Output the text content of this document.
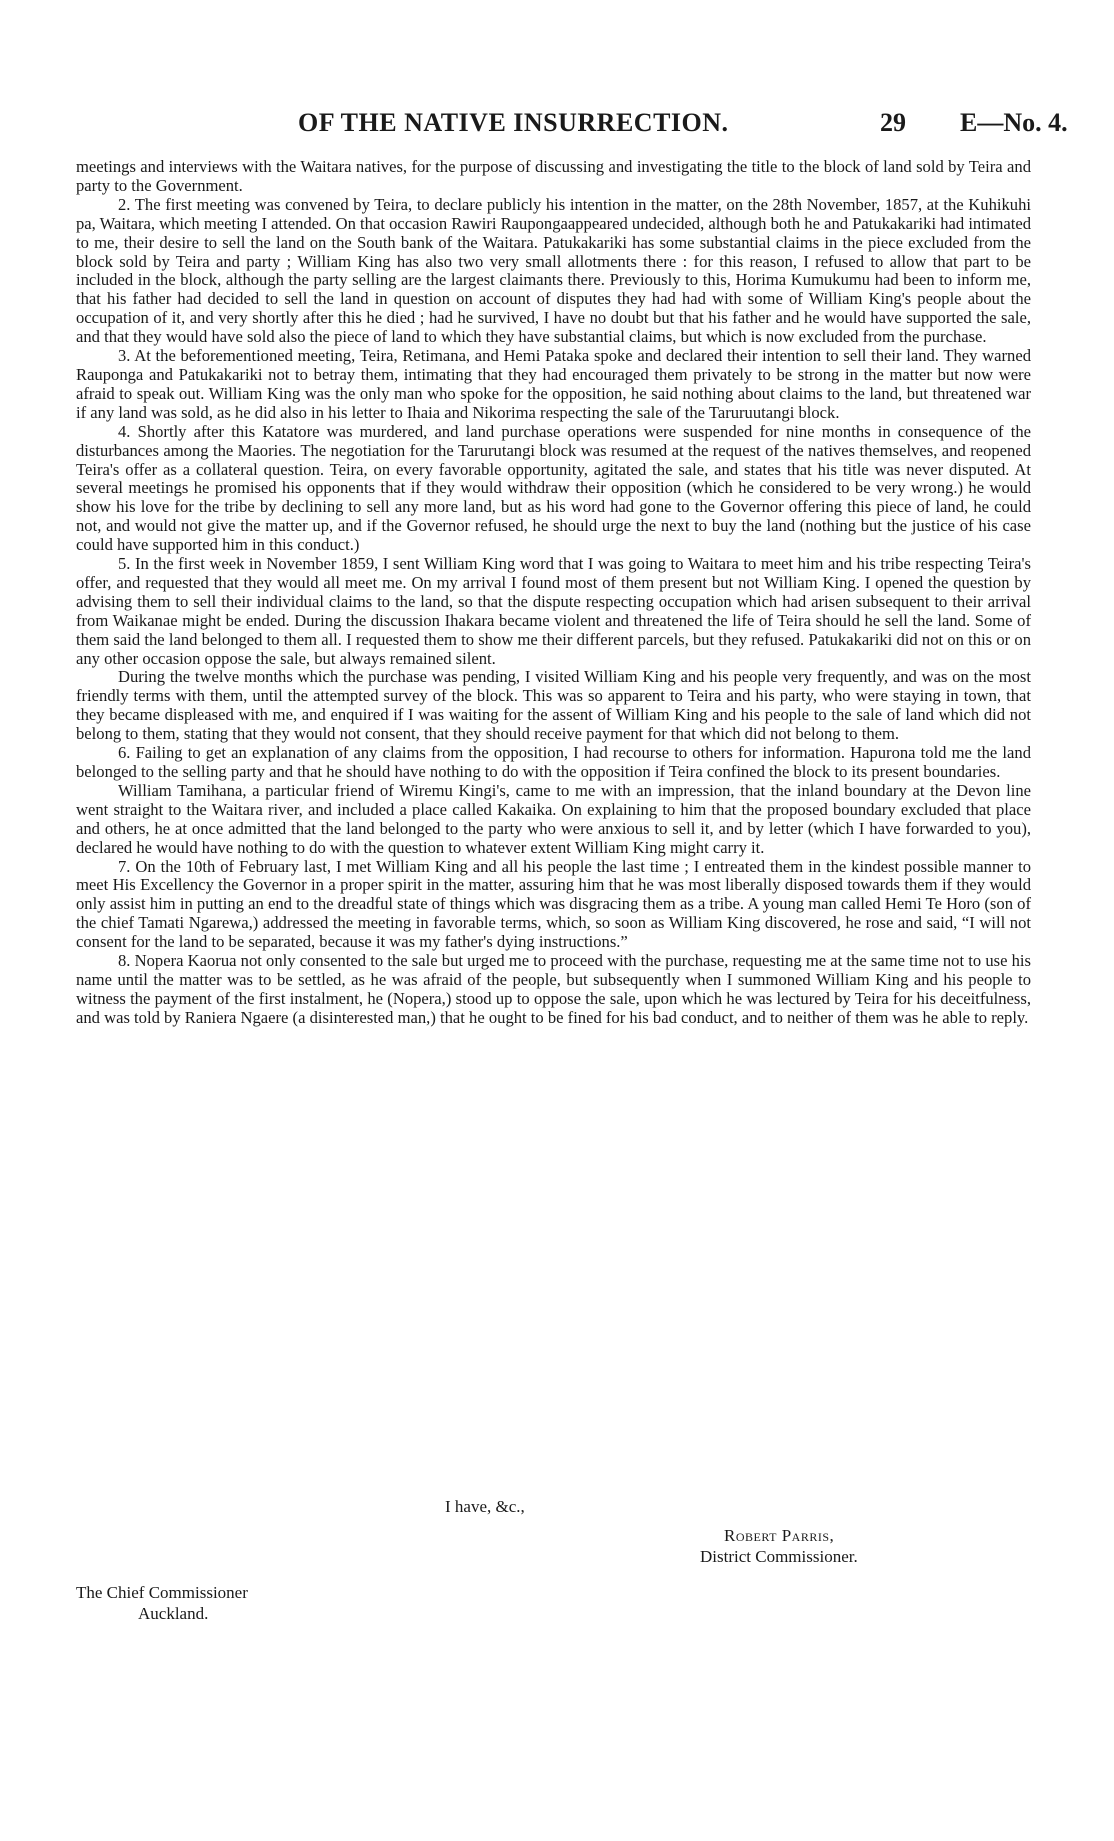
OF THE NATIVE INSURRECTION.	29 E—No. 4.

meetings and interviews with the Waitara natives, for the purpose of discussing and investigating the title to the block of land sold by Teira and party to the Government.

2. The first meeting was convened by Teira, to declare publicly his intention in the matter, on the 28th November, 1857, at the Kuhikuhi pa, Waitara, which meeting I attended. On that occasion Rawiri Raupongaappeared undecided, although both he and Patukakariki had intimated to me, their desire to sell the land on the South bank of the Waitara. Patukakariki has some substantial claims in the piece excluded from the block sold by Teira and party ; William King has also two very small allotments there : for this reason, I refused to allow that part to be included in the block, although the party selling are the largest claimants there. Previously to this, Horima Kumukumu had been to inform me, that his father had decided to sell the land in question on account of disputes they had had with some of William King's people about the occupation of it, and very shortly after this he died ; had he survived, I have no doubt but that his father and he would have supported the sale, and that they would have sold also the piece of land to which they have substantial claims, but which is now excluded from the purchase.

3. At the beforementioned meeting, Teira, Retimana, and Hemi Pataka spoke and declared their intention to sell their land. They warned Rauponga and Patukakariki not to betray them, intimating that they had encouraged them privately to be strong in the matter but now were afraid to speak out. William King was the only man who spoke for the opposition, he said nothing about claims to the land, but threatened war if any land was sold, as he did also in his letter to Ihaia and Nikorima respecting the sale of the Taruruutangi block.

4. Shortly after this Katatore was murdered, and land purchase operations were suspended for nine months in consequence of the disturbances among the Maories. The negotiation for the Tarurutangi block was resumed at the request of the natives themselves, and reopened Teira's offer as a collateral question. Teira, on every favorable opportunity, agitated the sale, and states that his title was never disputed. At several meetings he promised his opponents that if they would withdraw their opposition (which he considered to be very wrong.) he would show his love for the tribe by declining to sell any more land, but as his word had gone to the Governor offering this piece of land, he could not, and would not give the matter up, and if the Governor refused, he should urge the next to buy the land (nothing but the justice of his case could have supported him in this conduct.)

5. In the first week in November 1859, I sent William King word that I was going to Waitara to meet him and his tribe respecting Teira's offer, and requested that they would all meet me. On my arrival I found most of them present but not William King. I opened the question by advising them to sell their individual claims to the land, so that the dispute respecting occupation which had arisen subsequent to their arrival from Waikanae might be ended. During the discussion Ihakara became violent and threatened the life of Teira should he sell the land. Some of them said the land belonged to them all. I requested them to show me their different parcels, but they refused. Patukakariki did not on this or on any other occasion oppose the sale, but always remained silent.

During the twelve months which the purchase was pending, I visited William King and his people very frequently, and was on the most friendly terms with them, until the attempted survey of the block. This was so apparent to Teira and his party, who were staying in town, that they became displeased with me, and enquired if I was waiting for the assent of William King and his people to the sale of land which did not belong to them, stating that they would not consent, that they should receive payment for that which did not belong to them.

6. Failing to get an explanation of any claims from the opposition, I had recourse to others for information. Hapurona told me the land belonged to the selling party and that he should have nothing to do with the opposition if Teira confined the block to its present boundaries.

William Tamihana, a particular friend of Wiremu Kingi's, came to me with an impression, that the inland boundary at the Devon line went straight to the Waitara river, and included a place called Kakaika. On explaining to him that the proposed boundary excluded that place and others, he at once admitted that the land belonged to the party who were anxious to sell it, and by letter (which I have forwarded to you), declared he would have nothing to do with the question to whatever extent William King might carry it.

7. On the 10th of February last, I met William King and all his people the last time ; I entreated them in the kindest possible manner to meet His Excellency the Governor in a proper spirit in the matter, assuring him that he was most liberally disposed towards them if they would only assist him in putting an end to the dreadful state of things which was disgracing them as a tribe. A young man called Hemi Te Horo (son of the chief Tamati Ngarewa,) addressed the meeting in favorable terms, which, so soon as William King discovered, he rose and said, “I will not consent for the land to be separated, because it was my father's dying instructions.”

8. Nopera Kaorua not only consented to the sale but urged me to proceed with the purchase, requesting me at the same time not to use his name until the matter was to be settled, as he was afraid of the people, but subsequently when I summoned William King and his people to witness the payment of the first instalment, he (Nopera,) stood up to oppose the sale, upon which he was lectured by Teira for his deceitfulness, and was told by Raniera Ngaere (a disinterested man,) that he ought to be fined for his bad conduct, and to neither of them was he able to reply.

I have, &c.,
Robert Parris,
District Commissioner.
The Chief Commissioner
Auckland.
